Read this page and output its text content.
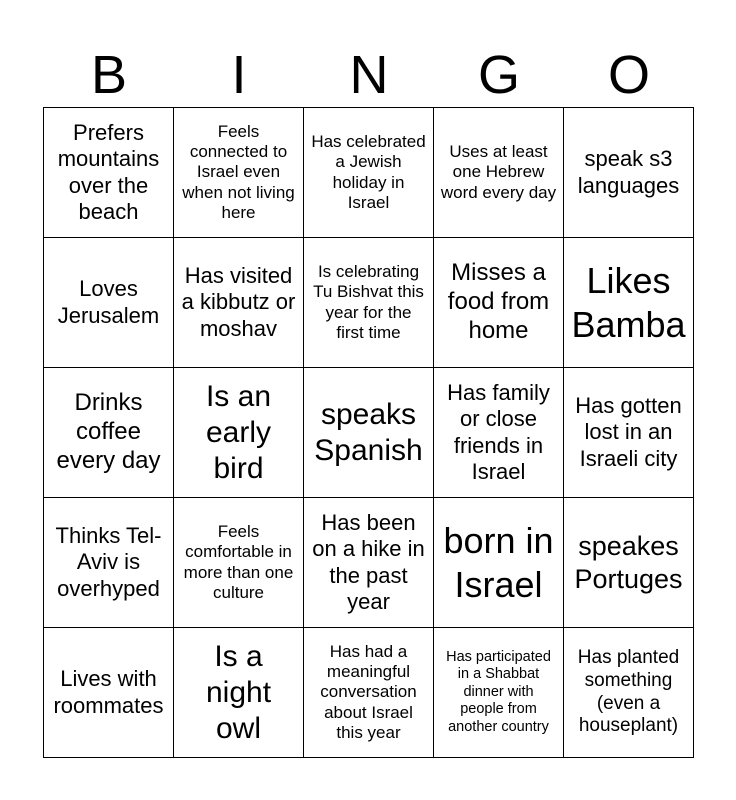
B	I	N	G	O
Prefers mountains over the beach
Feels connected to Israel even when not living here
Has celebrated a Jewish holiday in Israel
Uses at least one Hebrew word every day
speak s3 languages
Loves Jerusalem
Has visited a kibbutz or moshav
Is celebrating Tu Bishvat this year for the first time
Misses a food from home
Likes Bamba
Drinks coffee every day
Is an early bird
speaks Spanish
Has family or close friends in Israel
Has gotten lost in an Israeli city
Thinks Tel-Aviv is overhyped
Feels comfortable in more than one culture
Has been on a hike in the past year
born in Israel
speakes Portuges
Lives with roommates
Is a night owl
Has had a meaningful conversation about Israel this year
Has participated in a Shabbat dinner with people from another country
Has planted something (even a houseplant)
